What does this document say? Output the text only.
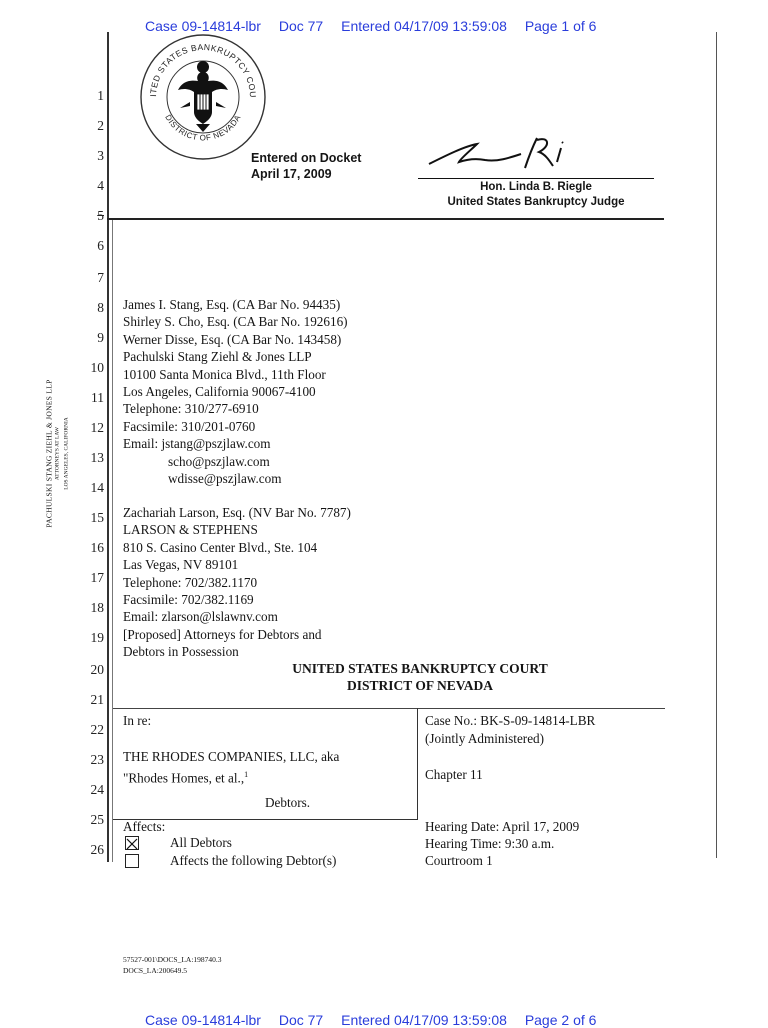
Case 09-14814-lbr Doc 77 Entered 04/17/09 13:59:08 Page 1 of 6
ITED STATES BANKRUPTCY COU
DISTRICT OF NEVADA
Entered on Docket
April 17, 2009
Hon. Linda B. Riegle
United States Bankruptcy Judge
1
2
3
4
5
6
7
8
9
10
11
12
13
14
15
16
17
18
19
20
21
22
23
24
25
26
PACHULSKI STANG ZIEHL & JONES LLP ATTORNEYS AT LAW LOS ANGELES, CALIFORNIA
James I. Stang, Esq. (CA Bar No. 94435)
Shirley S. Cho, Esq. (CA Bar No. 192616)
Werner Disse, Esq. (CA Bar No. 143458)
Pachulski Stang Ziehl & Jones LLP
10100 Santa Monica Blvd., 11th Floor
Los Angeles, California 90067-4100
Telephone: 310/277-6910
Facsimile: 310/201-0760
Email: jstang@pszjlaw.com
scho@pszjlaw.com
wdisse@pszjlaw.com
Zachariah Larson, Esq. (NV Bar No. 7787)
LARSON & STEPHENS
810 S. Casino Center Blvd., Ste. 104
Las Vegas, NV 89101
Telephone: 702/382.1170
Facsimile: 702/382.1169
Email: zlarson@lslawnv.com
[Proposed] Attorneys for Debtors and
Debtors in Possession
UNITED STATES BANKRUPTCY COURT
DISTRICT OF NEVADA
In re:
THE RHODES COMPANIES, LLC, aka
"Rhodes Homes, et al.,$^1$
Debtors.
Affects:
All Debtors
Affects the following Debtor(s)
Case No.: BK-S-09-14814-LBR
(Jointly Administered)
Chapter 11
Hearing Date: April 17, 2009
Hearing Time: 9:30 a.m.
Courtroom 1
57527-001\DOCS_LA:198740.3
DOCS_LA:200649.5
Case 09-14814-lbr Doc 77 Entered 04/17/09 13:59:08 Page 2 of 6
